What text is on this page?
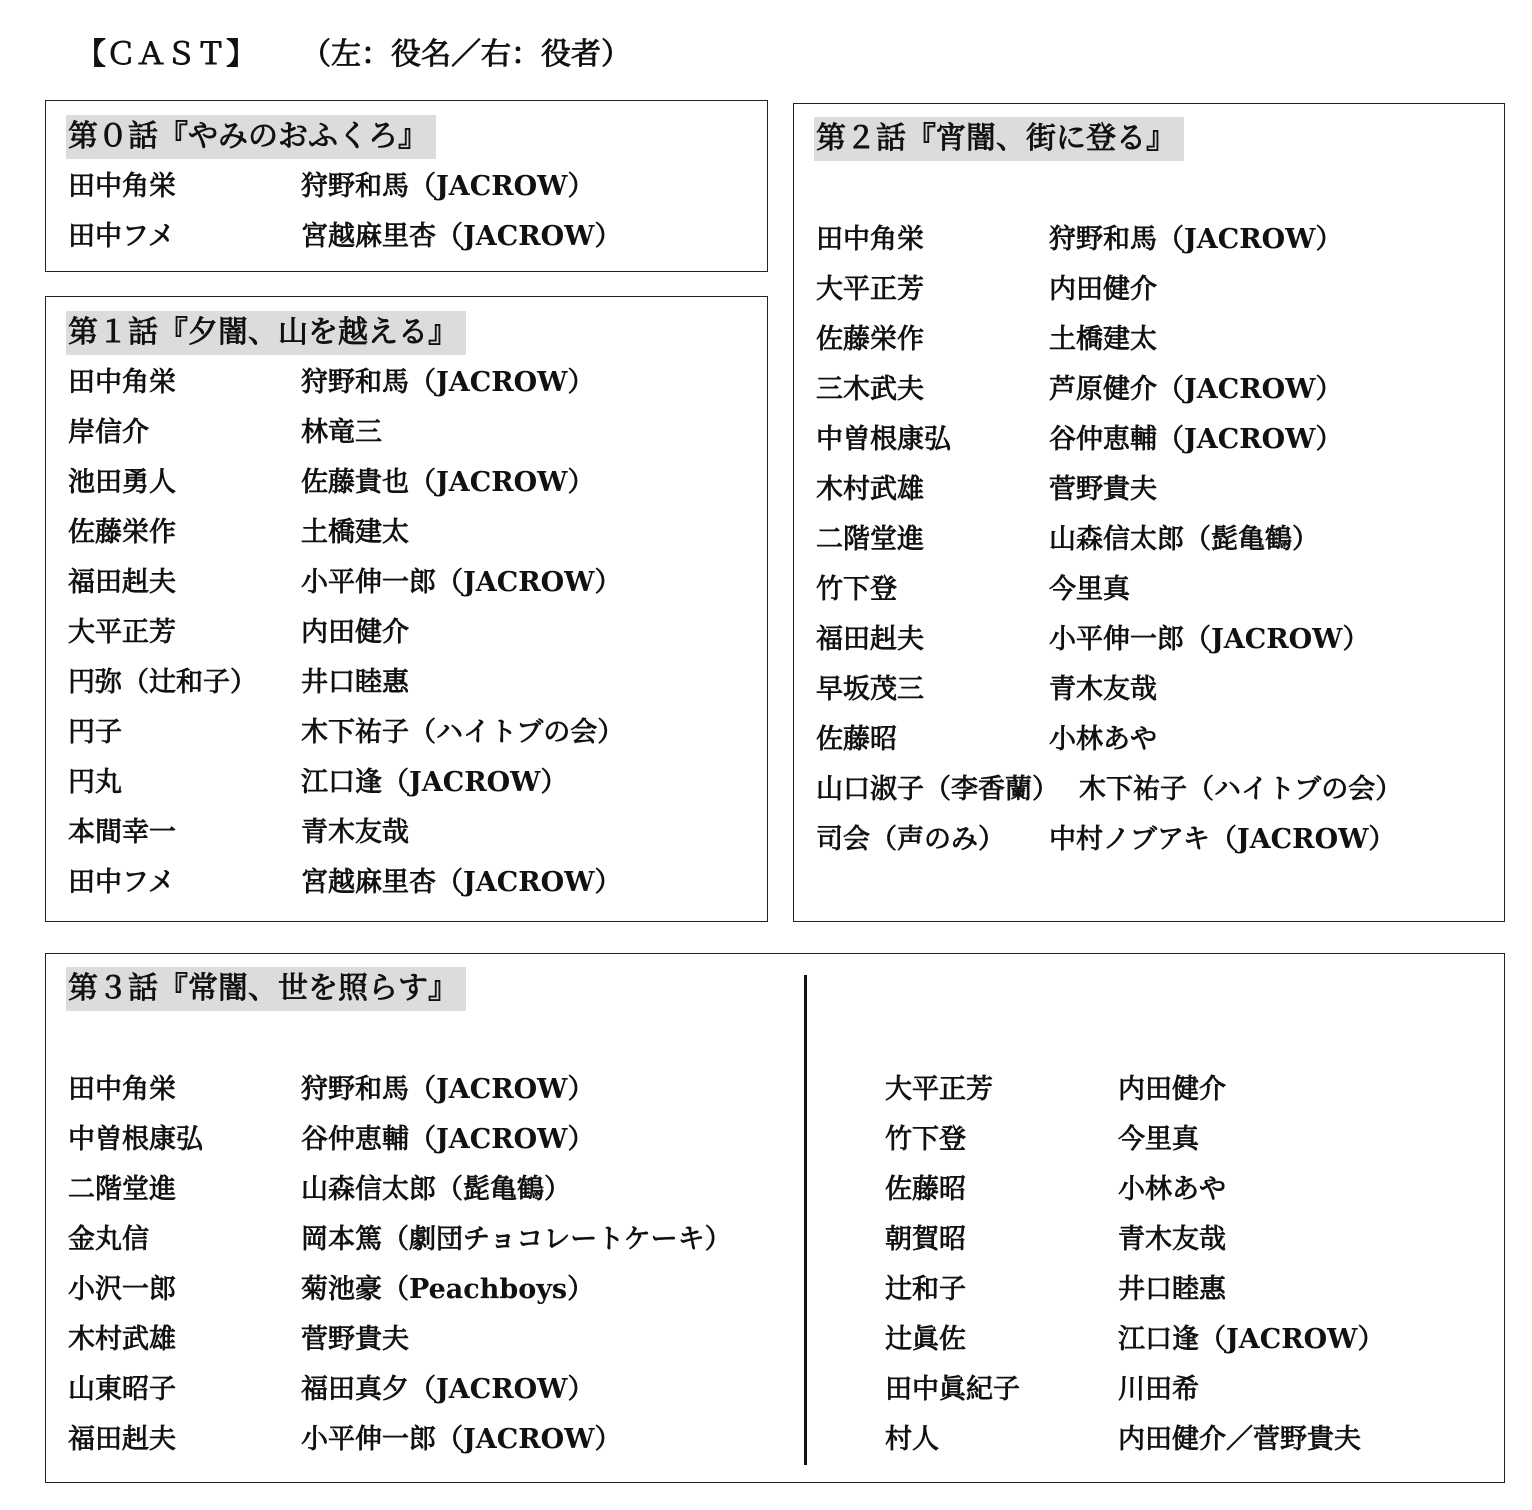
【ＣＡＳＴ】 （左：役名／右：役者）
第０話『やみのおふくろ』
田中角栄	狩野和馬（JACROW）
田中フメ	宮越麻里杏（JACROW）
第１話『夕闇、山を越える』
田中角栄	狩野和馬（JACROW）
岸信介	林竜三
池田勇人	佐藤貴也（JACROW）
佐藤栄作	土橋建太
福田赳夫	小平伸一郎（JACROW）
大平正芳	内田健介
円弥（辻和子） 井口睦惠
円子	木下祐子（ハイトブの会）
円丸	江口逢（JACROW）
本間幸一	青木友哉
田中フメ	宮越麻里杏（JACROW）
第２話『宵闇、街に登る』
田中角栄	狩野和馬（JACROW）
大平正芳	内田健介
佐藤栄作	土橋建太
三木武夫	芦原健介（JACROW）
中曽根康弘	谷仲恵輔（JACROW）
木村武雄	菅野貴夫
二階堂進	山森信太郎（髭亀鶴）
竹下登	今里真
福田赳夫	小平伸一郎（JACROW）
早坂茂三	青木友哉
佐藤昭	小林あや
山口淑子（李香蘭） 木下祐子（ハイトブの会）
司会（声のみ） 中村ノブアキ（JACROW）
第３話『常闇、世を照らす』
田中角栄	狩野和馬（JACROW）
中曽根康弘	谷仲恵輔（JACROW）
二階堂進	山森信太郎（髭亀鶴）
金丸信	岡本篤（劇団チョコレートケーキ）
小沢一郎	菊池豪（Peachboys）
木村武雄	菅野貴夫
山東昭子	福田真夕（JACROW）
福田赳夫	小平伸一郎（JACROW）
大平正芳	内田健介
竹下登	今里真
佐藤昭	小林あや
朝賀昭	青木友哉
辻和子	井口睦惠
辻眞佐	江口逢（JACROW）
田中眞紀子	川田希
村人	内田健介／菅野貴夫
